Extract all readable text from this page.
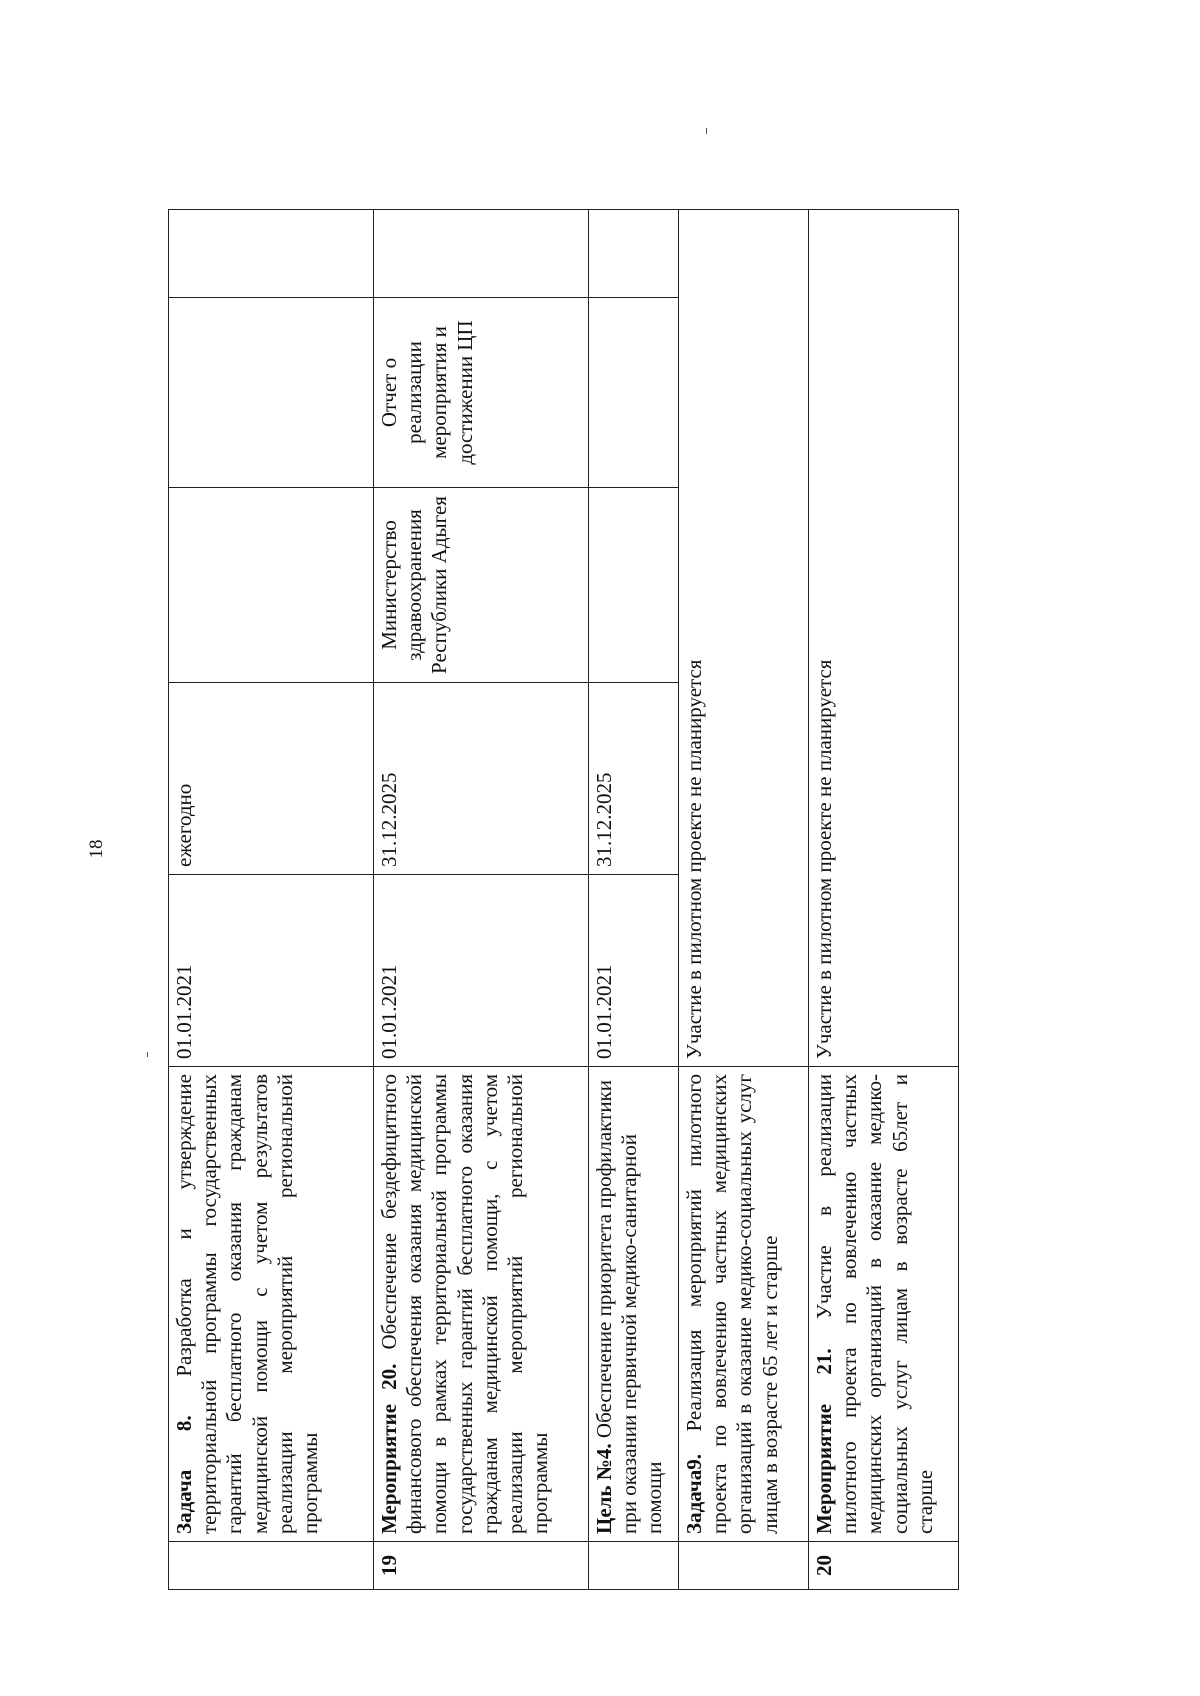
18
	Задача 8. Разработка и утверждение территориальной программы государственных гарантий бесплатного оказания гражданам медицинской помощи с учетом результатов реализации мероприятий региональной программы	01.01.2021	ежегодно			
19	Мероприятие 20. Обеспечение бездефицитного финансового обеспечения оказания медицинской помощи в рамках территориальной программы государственных гарантий бесплатного оказания гражданам медицинской помощи, с учетом реализации мероприятий региональной программы	01.01.2021	31.12.2025	Министерство здравоохранения Республики Адыгея	Отчет о реализации мероприятия и достижении ЦП	
	Цель №4. Обеспечение приоритета профилактики при оказании первичной медико-санитарной помощи	01.01.2021	31.12.2025			
	Задача9. Реализация мероприятий пилотного проекта по вовлечению частных медицинских организаций в оказание медико-социальных услуг лицам в возрасте 65 лет и старше	Участие в пилотном проекте не планируется				
20	Мероприятие 21. Участие в реализации пилотного проекта по вовлечению частных медицинских организаций в оказание медико-социальных услуг лицам в возрасте 65лет и старше	Участие в пилотном проекте не планируется				
